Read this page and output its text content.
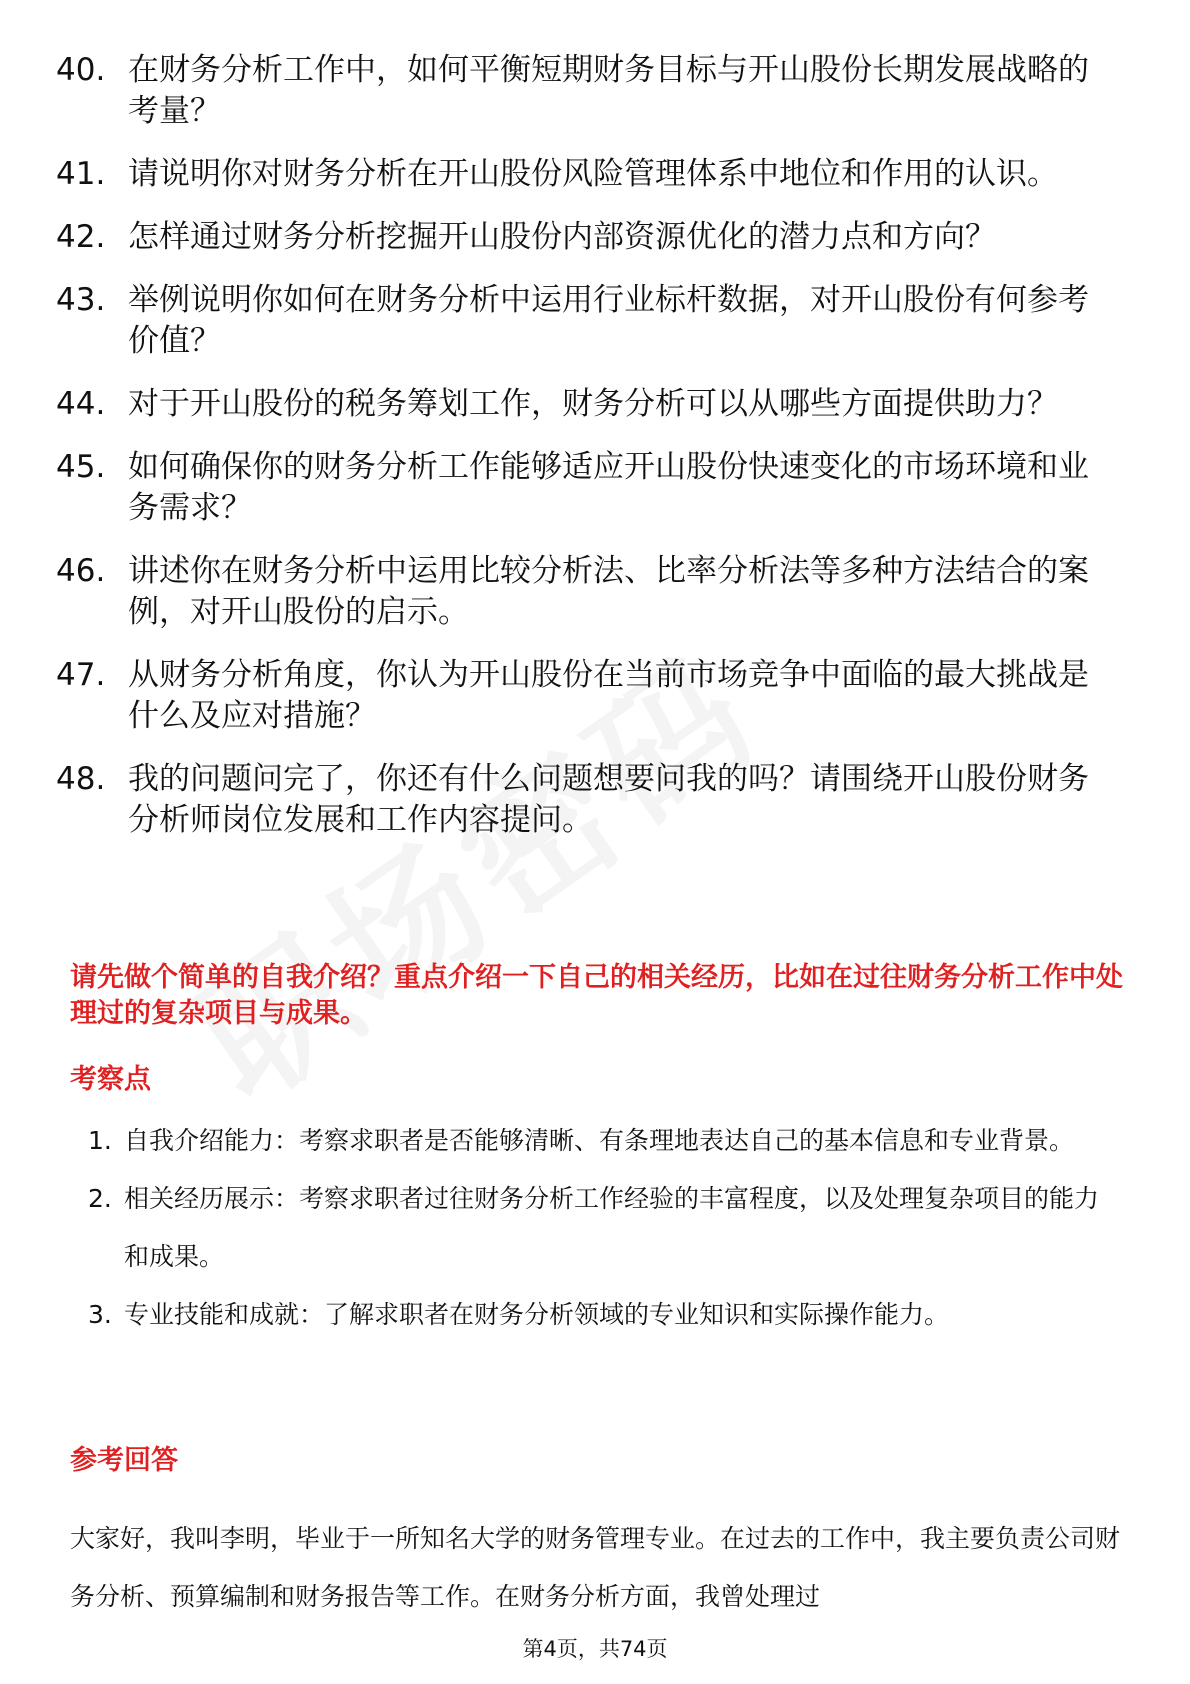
40. 在财务分析工作中，如何平衡短期财务目标与开山股份长期发展战略的考量？
41. 请说明你对财务分析在开山股份风险管理体系中地位和作用的认识。
42. 怎样通过财务分析挖掘开山股份内部资源优化的潜力点和方向？
43. 举例说明你如何在财务分析中运用行业标杆数据，对开山股份有何参考价值？
44. 对于开山股份的税务筹划工作，财务分析可以从哪些方面提供助力？
45. 如何确保你的财务分析工作能够适应开山股份快速变化的市场环境和业务需求？
46. 讲述你在财务分析中运用比较分析法、比率分析法等多种方法结合的案例，对开山股份的启示。
47. 从财务分析角度，你认为开山股份在当前市场竞争中面临的最大挑战是什么及应对措施？
48. 我的问题问完了，你还有什么问题想要问我的吗？请围绕开山股份财务分析师岗位发展和工作内容提问。
请先做个简单的自我介绍？重点介绍一下自己的相关经历，比如在过往财务分析工作中处理过的复杂项目与成果。
考察点
1. 自我介绍能力：考察求职者是否能够清晰、有条理地表达自己的基本信息和专业背景。
2. 相关经历展示：考察求职者过往财务分析工作经验的丰富程度，以及处理复杂项目的能力和成果。
3. 专业技能和成就：了解求职者在财务分析领域的专业知识和实际操作能力。
参考回答

大家好，我叫李明，毕业于一所知名大学的财务管理专业。在过去的工作中，我主要负责公司财务分析、预算编制和财务报告等工作。在财务分析方面，我曾处理过

第4页，共74页
